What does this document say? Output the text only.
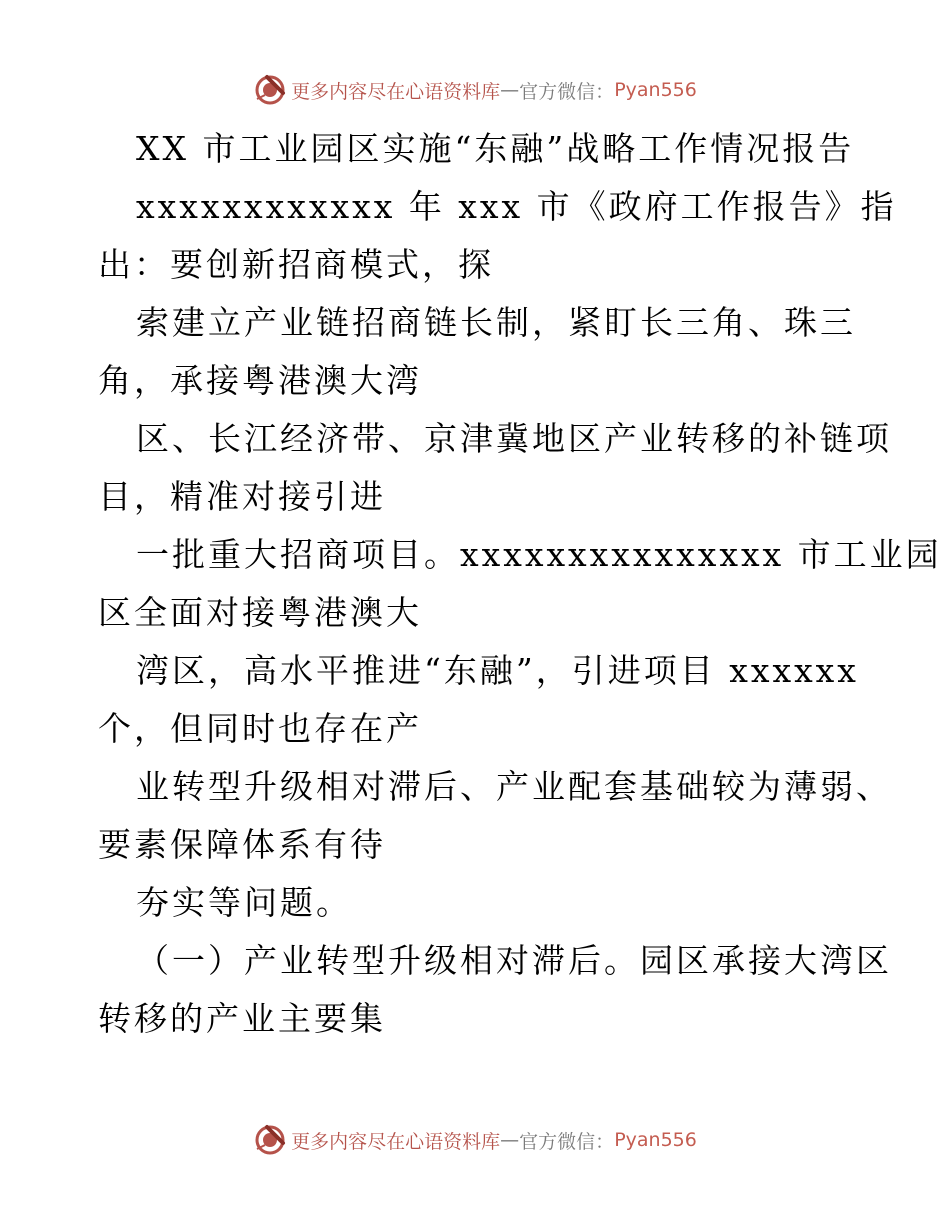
更多内容尽在心语资料库 — 官方微信： Pyan556
XX 市工业园区实施“东融”战略工作情况报告
xxxxxxxxxxxx 年 xxx 市《政府工作报告》指
出：要创新招商模式，探
索建立产业链招商链长制，紧盯长三角、珠三
角，承接粤港澳大湾
区、长江经济带、京津冀地区产业转移的补链项
目，精准对接引进
一批重大招商项目。xxxxxxxxxxxxxxx 市工业园
区全面对接粤港澳大
湾区，高水平推进“东融”，引进项目 xxxxxx
个，但同时也存在产
业转型升级相对滞后、产业配套基础较为薄弱、
要素保障体系有待
夯实等问题。
（一）产业转型升级相对滞后。园区承接大湾区
转移的产业主要集
更多内容尽在心语资料库 — 官方微信： Pyan556
